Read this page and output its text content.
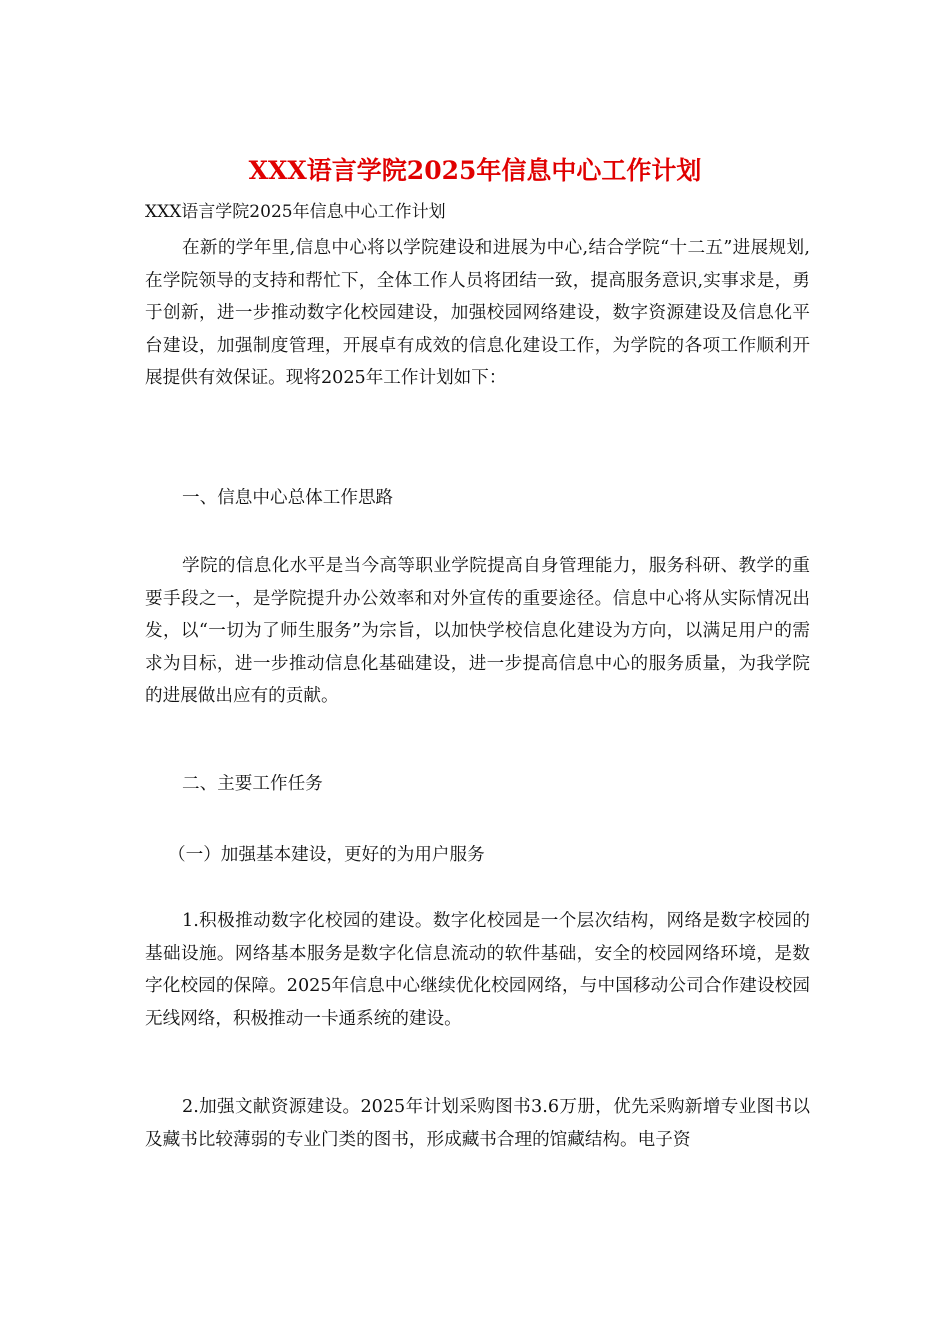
XXX语言学院2025年信息中心工作计划

XXX语言学院2025年信息中心工作计划

在新的学年里,信息中心将以学院建设和进展为中心,结合学院“十二五”进展规划,在学院领导的支持和帮忙下，全体工作人员将团结一致，提高服务意识,实事求是，勇于创新，进一步推动数字化校园建设，加强校园网络建设，数字资源建设及信息化平台建设，加强制度管理，开展卓有成效的信息化建设工作，为学院的各项工作顺利开展提供有效保证。现将2025年工作计划如下：

一、信息中心总体工作思路

学院的信息化水平是当今高等职业学院提高自身管理能力，服务科研、教学的重要手段之一，是学院提升办公效率和对外宣传的重要途径。信息中心将从实际情况出发，以“一切为了师生服务”为宗旨，以加快学校信息化建设为方向，以满足用户的需求为目标，进一步推动信息化基础建设，进一步提高信息中心的服务质量，为我学院的进展做出应有的贡献。

二、主要工作任务

（一）加强基本建设，更好的为用户服务

1.积极推动数字化校园的建设。数字化校园是一个层次结构，网络是数字校园的基础设施。网络基本服务是数字化信息流动的软件基础，安全的校园网络环境，是数字化校园的保障。2025年信息中心继续优化校园网络，与中国移动公司合作建设校园无线网络，积极推动一卡通系统的建设。

2.加强文献资源建设。2025年计划采购图书3.6万册，优先采购新增专业图书以及藏书比较薄弱的专业门类的图书，形成藏书合理的馆藏结构。电子资
